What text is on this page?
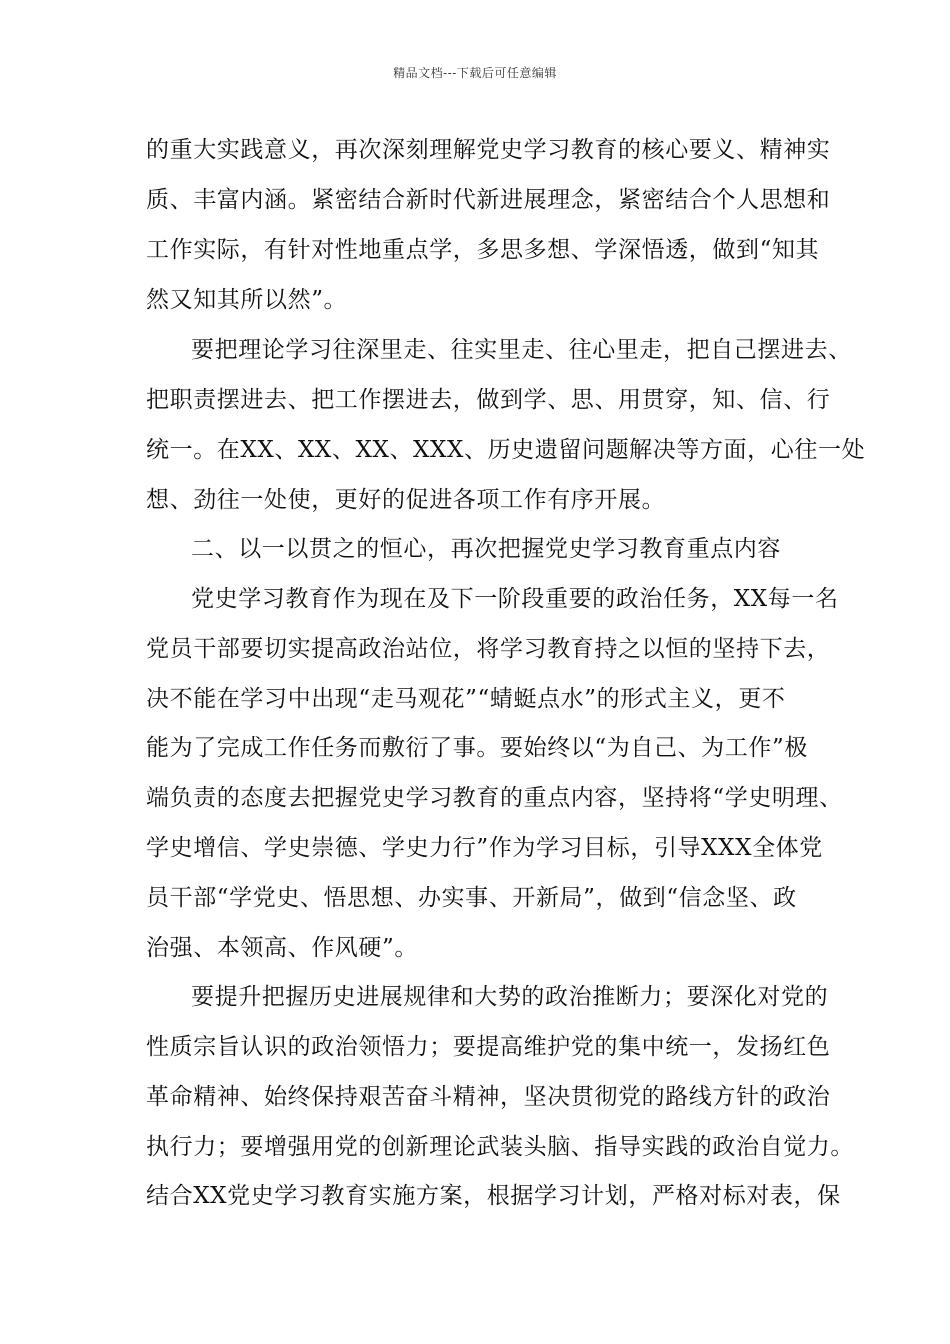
精品文档---下载后可任意编辑
的重大实践意义，再次深刻理解党史学习教育的核心要义、精神实
质、丰富内涵。紧密结合新时代新进展理念，紧密结合个人思想和
工作实际，有针对性地重点学，多思多想、学深悟透，做到“知其
然又知其所以然”。
要把理论学习往深里走、往实里走、往心里走，把自己摆进去、
把职责摆进去、把工作摆进去，做到学、思、用贯穿，知、信、行
统一。在XX、XX、XX、XXX、历史遗留问题解决等方面，心往一处
想、劲往一处使，更好的促进各项工作有序开展。
二、以一以贯之的恒心，再次把握党史学习教育重点内容
党史学习教育作为现在及下一阶段重要的政治任务，XX每一名
党员干部要切实提高政治站位，将学习教育持之以恒的坚持下去，
决不能在学习中出现“走马观花”“蜻蜓点水”的形式主义，更不
能为了完成工作任务而敷衍了事。要始终以“为自己、为工作”极
端负责的态度去把握党史学习教育的重点内容，坚持将“学史明理、
学史增信、学史崇德、学史力行”作为学习目标，引导XXX全体党
员干部“学党史、悟思想、办实事、开新局”，做到“信念坚、政
治强、本领高、作风硬”。
要提升把握历史进展规律和大势的政治推断力；要深化对党的
性质宗旨认识的政治领悟力；要提高维护党的集中统一，发扬红色
革命精神、始终保持艰苦奋斗精神，坚决贯彻党的路线方针的政治
执行力；要增强用党的创新理论武装头脑、指导实践的政治自觉力。
结合XX党史学习教育实施方案，根据学习计划，严格对标对表，保
